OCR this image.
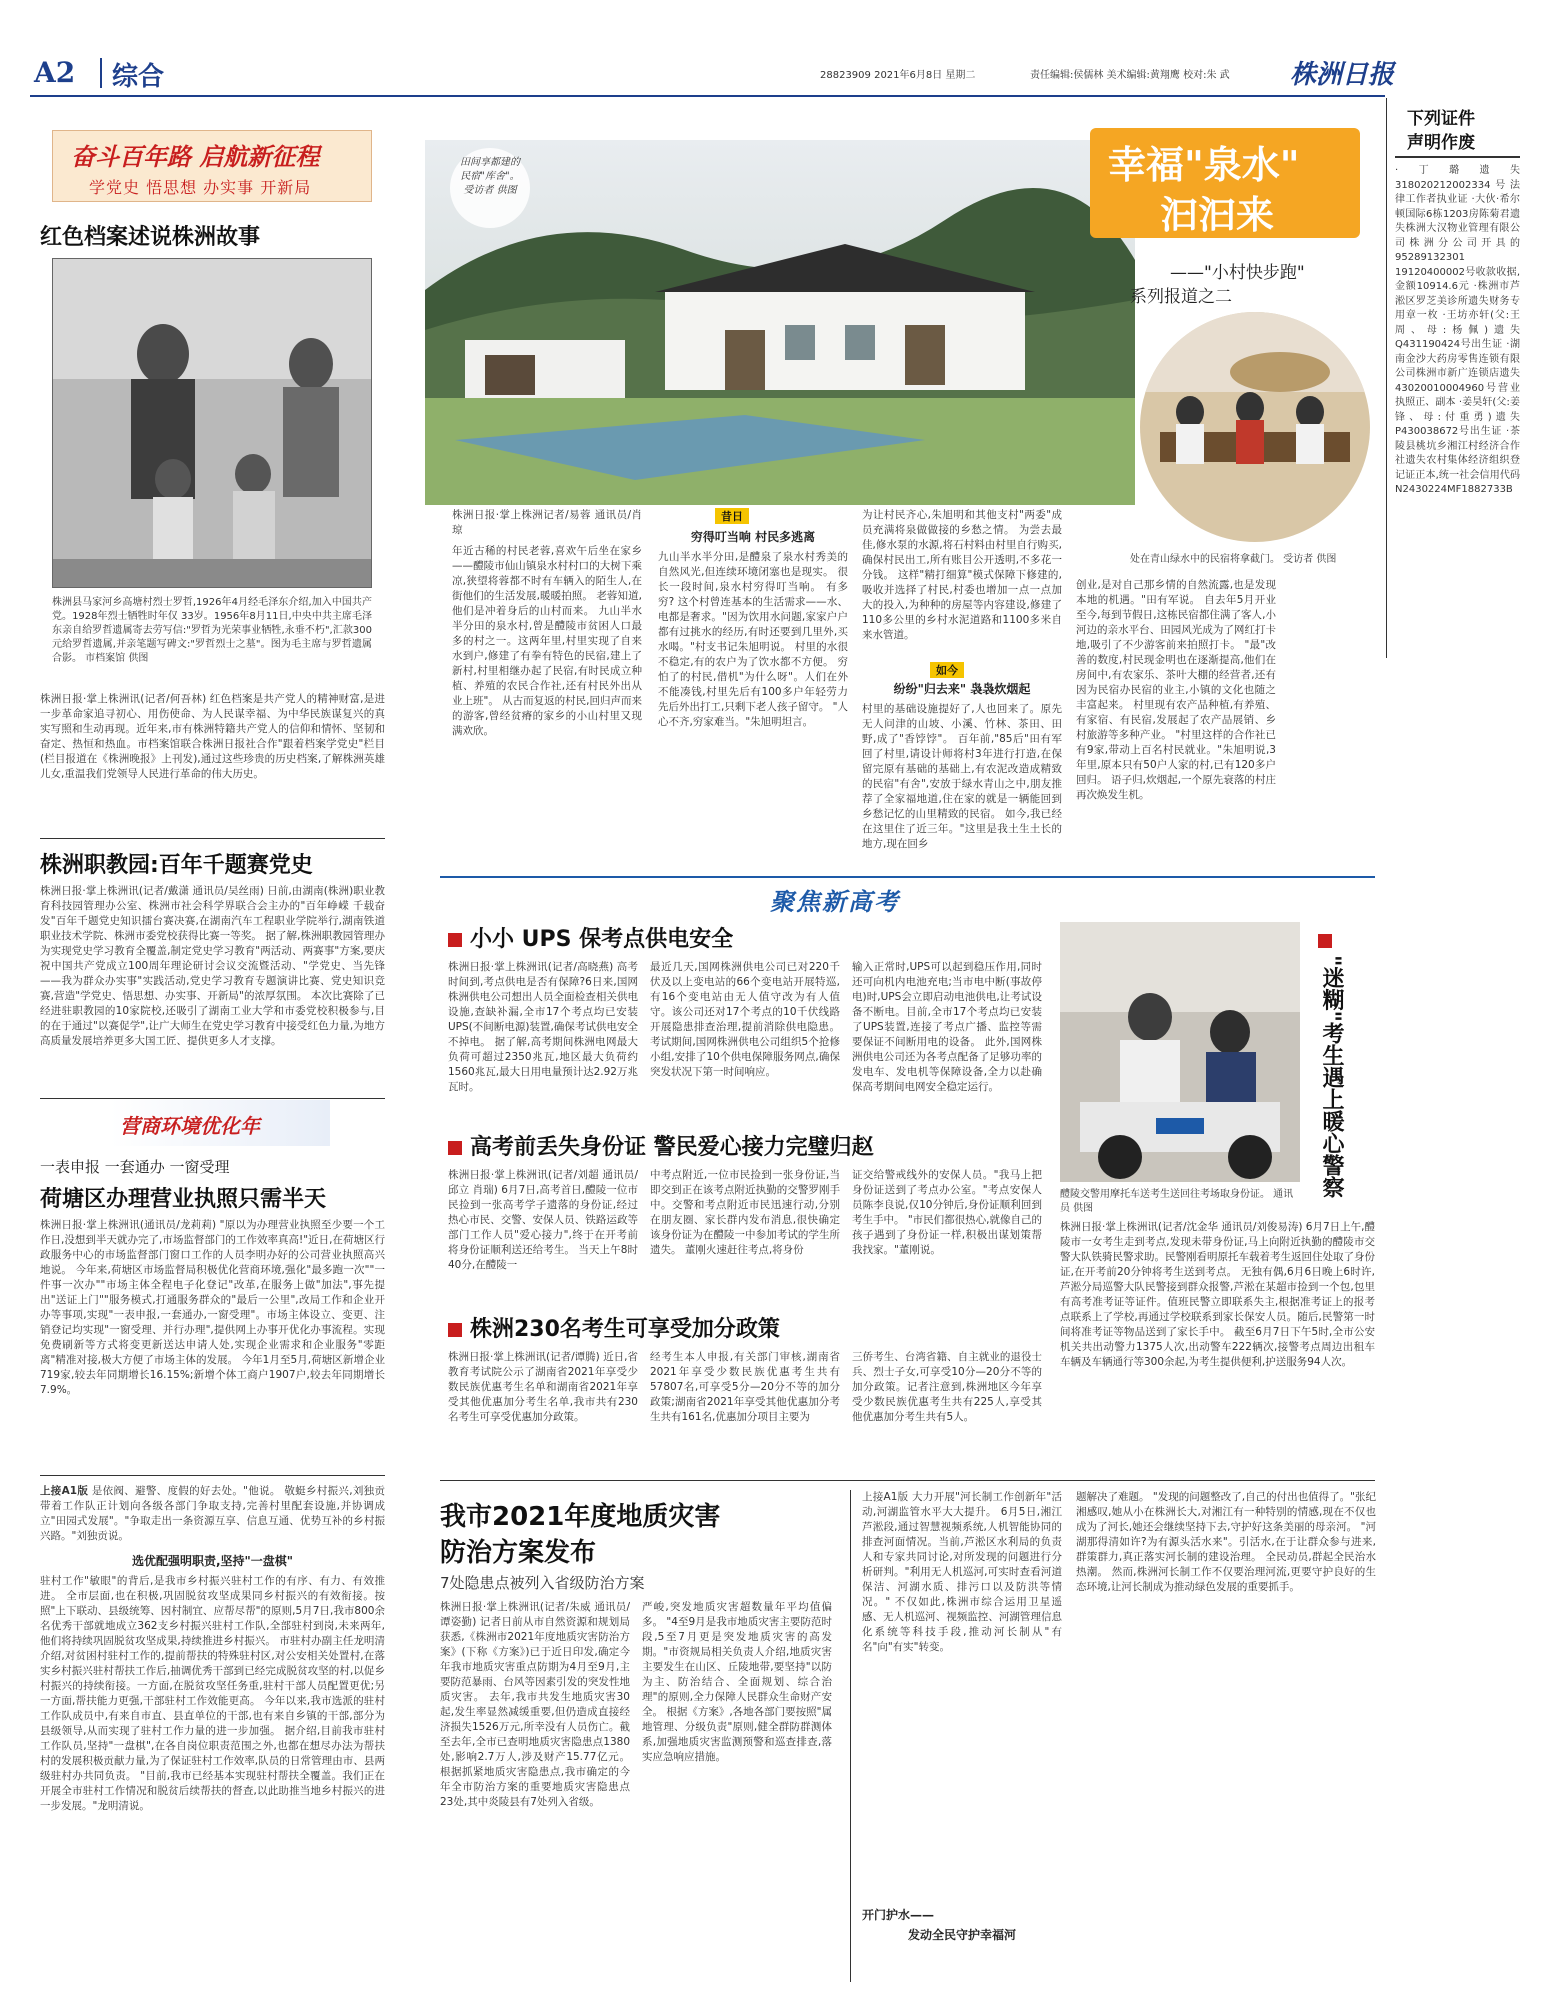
A2 综合	28823909 2021年6月8日 星期二	责任编辑:侯儒林 美术编辑:黄翔鹰 校对:朱 武 株洲日报
奋斗百年路 启航新征程
学党史 悟思想 办实事 开新局
红色档案述说株洲故事
株洲县马家河乡高塘村烈士罗哲,1926年4月经毛泽东介绍,加入中国共产党。1928年烈士牺牲时年仅 33岁。1956年8月11日,中央中共主席毛泽东亲自给罗哲遗属寄去劳写信:"罗哲为光荣事业牺牲,永垂不朽",汇款300元给罗哲遗属,并亲笔题写碑文:"罗哲烈士之墓"。图为毛主席与罗哲遗属合影。 市档案馆 供图
株洲日报·掌上株洲讯(记者/何吾林) 红色档案是共产党人的精神财富,是进一步革命家追寻初心、用伤使命、为人民谋幸福、为中华民族谋复兴的真实写照和生动再现。近年来,市有株洲特籍共产党人的信仰和情怀、坚韧和奋定、热恒和热血。市档案馆联合株洲日报社合作"跟着档案学党史"栏目(栏目报道在《株洲晚报》上刊发),通过这些珍贵的历史档案,了解株洲英雄儿女,重温我们党领导人民进行革命的伟大历史。
株洲职教园:百年千题赛党史
株洲日报·掌上株洲讯(记者/戴潇 通讯员/吴丝雨) 日前,由湖南(株洲)职业教育科技园管理办公室、株洲市社会科学界联合会主办的"百年峥嵘 千载奋发"百年千题党史知识擂台赛决赛,在湖南汽车工程职业学院举行,湖南铁道职业技术学院、株洲市委党校获得比赛一等奖。 据了解,株洲职教园管理办为实现党史学习教育全覆盖,制定党史学习教育"两活动、两赛事"方案,要庆祝中国共产党成立100周年理论研讨会议交流暨活动、"学党史、当先锋——我为群众办实事"实践活动,党史学习教育专题演讲比赛、党史知识竞赛,营造"学党史、悟思想、办实事、开新局"的浓厚氛围。 本次比赛除了已经进驻职教园的10家院校,还吸引了湖南工业大学和市委党校积极参与,目的在于通过"以赛促学",让广大师生在党史学习教育中接受红色力量,为地方高质量发展培养更多大国工匠、提供更多人才支撑。
营商环境优化年
一表申报 一套通办 一窗受理
荷塘区办理营业执照只需半天
株洲日报·掌上株洲讯(通讯员/龙莉莉) "原以为办理营业执照至少要一个工作日,没想到半天就办完了,市场监督部门的工作效率真高!"近日,在荷塘区行政服务中心的市场监督部门窗口工作的人员李明办好的公司营业执照高兴地说。 今年来,荷塘区市场监督局积极优化营商环境,强化"最多跑一次""一件事一次办""市场主体全程电子化登记"改革,在服务上做"加法",事先提出"送证上门""服务模式,打通服务群众的"最后一公里",改局工作和企业开办等事项,实现"一表申报,一套通办,一窗受理"。市场主体设立、变更、注销登记均实现"一窗受理、并行办理",提供网上办事开优化办事流程。实现免费刷新等方式将变更新送达申请人处,实现企业需求和企业服务"零距离"精准对接,极大方便了市场主体的发展。 今年1月至5月,荷塘区新增企业719家,较去年同期增长16.15%;新增个体工商户1907户,较去年同期增长7.9%。
上接A1版 是依阀、避警、度假的好去处。"他说。 敬蜓乡村振兴,刘独贡带着工作队正计划向各级各部门争取支持,完善村里配套设施,并协调成立"田园式发展"。"争取走出一条资源互享、信息互通、优势互补的乡村振兴路。"刘独贡说。
选优配强明职责,坚持"一盘棋"
驻村工作"敏眼"的背后,是我市乡村振兴驻村工作的有序、有力、有效推进。 全市层面,也在积极,巩固脱贫攻坚成果同乡村振兴的有效衔接。按照"上下联动、县级统筹、因村制宜、应帮尽帮"的原则,5月7日,我市800余名优秀干部就地成立362支乡村振兴驻村工作队,全部驻村到岗,未来两年,他们将持续巩固脱贫攻坚成果,持续推进乡村振兴。 市驻村办副主任龙明清介绍,对贫困村驻村工作的,提前帮扶的特殊驻村区,对公安相关处置村,在落实乡村振兴驻村帮扶工作后,抽调优秀干部到已经完成脱贫攻坚的村,以促乡村振兴的持续衔接。一方面,在脱贫攻坚任务重,驻村干部人员配置更优;另一方面,帮扶能力更强,干部驻村工作效能更高。 今年以来,我市选派的驻村工作队成员中,有来自市直、县直单位的干部,也有来自乡镇的干部,部分为县级领导,从而实现了驻村工作力量的进一步加强。 据介绍,目前我市驻村工作队员,坚持"一盘棋",在各自岗位职责范围之外,也都在想尽办法为帮扶村的发展积极贡献力量,为了保证驻村工作效率,队员的日常管理由市、县两级驻村办共同负责。 "目前,我市已经基本实现驻村帮扶全覆盖。我们正在开展全市驻村工作情况和脱贫后续帮扶的督查,以此助推当地乡村振兴的进一步发展。"龙明清说。
田间享都建的民宿"库舍"。 受访者 供图
幸福"泉水"
汩汩来
——"小村快步跑"
系列报道之二
处在青山绿水中的民宿将拿截门。 受访者 供图
株洲日报·掌上株洲记者/易蓉 通讯员/肖琼
年近古稀的村民老蓉,喜欢午后坐在家乡——醴陵市仙山镇泉水村村口的大树下乘凉,狭望将蓉都不时有车辆入的陌生人,在街他们的生活发展,暖暖拍照。 老蓉知道,他们是冲着身后的山村而来。 九山半水半分田的泉水村,曾是醴陵市贫困人口最多的村之一。这两年里,村里实现了自来水到户,修建了有拳有特色的民宿,建上了新村,村里相继办起了民宿,有时民成立种植、养殖的农民合作社,还有村民外出从业上班"。 从古而复返的村民,回归声而来的游客,曾经贫瘠的家乡的小山村里又现满欢欣。
昔日
穷得叮当响 村民多逃离
九山半水半分田,是醴泉了泉水村秀美的自然风光,但连续环境闭塞也是现实。 很长一段时间,泉水村穷得叮当响。 有多穷? 这个村曾连基本的生活需求——水、电都是奢求。"因为饮用水问题,家家户户都有过挑水的经历,有时还要到几里外,买水喝。"村支书记朱旭明说。 村里的水很不稳定,有的农户为了饮水都不方便。 穷怕了的村民,借机"为什么呀"。人们在外不能凑钱,村里先后有100多户年轻劳力先后外出打工,只剩下老人孩子留守。 "人心不齐,穷家难当。"朱旭明坦言。
为让村民齐心,朱旭明和其他支村"两委"成员充满将泉做做接的乡愁之情。 为尝去最佳,修水泵的水源,将石村料由村里自行购买,确保村民出工,所有账目公开透明,不多花一分钱。 这样"精打细算"模式保障下修建的,吸收并选择了村民,村委也增加一点一点加大的投入,为种种的房屋等内容建设,修建了110多公里的乡村水泥道路和1100多米自来水管道。
如今
纷纷"归去来" 袅袅炊烟起
村里的基础设施提好了,人也回来了。原先无人问津的山坡、小溪、竹林、茶田、田野,成了"香饽饽"。 百年前,"85后"田有军回了村里,请设计师将村3年进行打造,在保留完原有基础的基础上,有农泥改造成精致的民宿"有舍",安放于绿水青山之中,朋友推荐了全家福地道,住在家的就是一辆能回到乡愁记忆的山里精致的民宿。 如今,我已经在这里住了近三年。"这里是我土生土长的地方,现在回乡
创业,是对自己那乡情的自然流露,也是发现本地的机遇。"田有军说。 自去年5月开业至今,每到节假日,这栋民宿都住满了客人,小河边的亲水平台、田园风光成为了网红打卡地,吸引了不少游客前来拍照打卡。 "最"改善的数度,村民现金明也在逐渐提高,他们在房间中,有农家乐、茶叶大棚的经营者,还有因为民宿办民宿的业主,小镇的文化也随之丰富起来。 村里现有农产品种植,有养殖、有家宿、有民宿,发展起了农产品展销、乡村旅游等多种产业。 "村里这样的合作社已有9家,带动上百名村民就业。"朱旭明说,3年里,原本只有50户人家的村,已有120多户回归。 语子归,炊烟起,一个原先衰落的村庄再次焕发生机。
聚焦新高考
小小 UPS 保考点供电安全
株洲日报·掌上株洲讯(记者/高晓燕) 高考时间到,考点供电是否有保障?6日来,国网株洲供电公司想出人员全面检查相关供电设施,查缺补漏,全市17个考点均已安装UPS(不间断电源)装置,确保考试供电安全不掉电。 据了解,高考期间株洲电网最大负荷可超过2350兆瓦,地区最大负荷约1560兆瓦,最大日用电量预计达2.92万兆瓦时。
最近几天,国网株洲供电公司已对220千伏及以上变电站的66个变电站开展特巡,有16个变电站由无人值守改为有人值守。该公司还对17个考点的10千伏线路开展隐患排查治理,提前消除供电隐患。 考试期间,国网株洲供电公司组织5个抢修小组,安排了10个供电保障服务网点,确保突发状况下第一时间响应。
输入正常时,UPS可以起到稳压作用,同时还可向机内电池充电;当市电中断(事故停电)时,UPS会立即启动电池供电,让考试设备不断电。目前,全市17个考点均已安装了UPS装置,连接了考点广播、监控等需要保证不间断用电的设备。 此外,国网株洲供电公司还为各考点配备了足够功率的发电车、发电机等保障设备,全力以赴确保高考期间电网安全稳定运行。
高考前丢失身份证 警民爱心接力完璧归赵
株洲日报·掌上株洲讯(记者/刘超 通讯员/邱立 肖瑞) 6月7日,高考首日,醴陵一位市民捡到一张高考学子遗落的身份证,经过热心市民、交警、安保人员、铁路运政等部门工作人员"爱心接力",终于在开考前将身份证顺利送还给考生。 当天上午8时40分,在醴陵一
中考点附近,一位市民捡到一张身份证,当即交到正在该考点附近执勤的交警罗刚手中。交警和考点附近市民迅速行动,分别在朋友圈、家长群内发布消息,很快确定该身份证为在醴陵一中参加考试的学生所遗失。 董刚火速赶往考点,将身份
证交给警戒线外的安保人员。"我马上把身份证送到了考点办公室。"考点安保人员陈李良说,仅10分钟后,身份证顺利回到考生手中。 "市民们都很热心,就像自己的孩子遇到了身份证一样,积极出谋划策帮我找家。"董刚说。
株洲230名考生可享受加分政策
株洲日报·掌上株洲讯(记者/谭腾) 近日,省教育考试院公示了湖南省2021年享受少数民族优惠考生名单和湖南省2021年享受其他优惠加分考生名单,我市共有230名考生可享受优惠加分政策。
经考生本人申报,有关部门审核,湖南省2021年享受少数民族优惠考生共有57807名,可享受5分—20分不等的加分政策;湖南省2021年享受其他优惠加分考生共有161名,优惠加分项目主要为
三侨考生、台湾省籍、自主就业的退役士兵、烈士子女,可享受10分—20分不等的加分政策。记者注意到,株洲地区今年享受少数民族优惠考生共有225人,享受其他优惠加分考生共有5人。
"迷糊"考生遇上暖心警察
醴陵交警用摩托车送考生送回往考场取身份证。 通讯员 供图
株洲日报·掌上株洲讯(记者/沈金华 通讯员/刘俊易涛) 6月7日上午,醴陵市一女考生走到考点,发现未带身份证,马上向附近执勤的醴陵市交警大队铁骑民警求助。民警刚看明原托车载着考生返回住处取了身份证,在开考前20分钟将考生送到考点。 无独有偶,6月6日晚上6时许,芦淞分局巡警大队民警接到群众报警,芦淞在某超市捡到一个包,包里有高考准考证等证件。值班民警立即联系失主,根据准考证上的报考点联系上了学校,再通过学校联系到家长保安人员。随后,民警第一时间将准考证等物品送到了家长手中。 截至6月7日下午5时,全市公安机关共出动警力1375人次,出动警车222辆次,接警考点周边出租车车辆及车辆通行等300余起,为考生提供便利,护送服务94人次。
我市2021年度地质灾害
防治方案发布
7处隐患点被列入省级防治方案
株洲日报·掌上株洲讯(记者/朱威 通讯员/谭姿勤) 记者日前从市自然资源和规划局获悉,《株洲市2021年度地质灾害防治方案》(下称《方案》)已于近日印发,确定今年我市地质灾害重点防期为4月至9月,主要防范暴雨、台风等因素引发的突发性地质灾害。 去年,我市共发生地质灾害30起,发生率显然减缓重要,但仍造成直接经济损失1526万元,所幸没有人员伤亡。截至去年,全市已查明地质灾害隐患点1380处,影响2.7万人,涉及财产15.77亿元。 根据抓紧地质灾害隐患点,我市确定的今年全市防治方案的重要地质灾害隐患点23处,其中炎陵县有7处列入省级。
严峻,突发地质灾害超数量年平均值偏多。 "4至9月是我市地质灾害主要防范时段,5至7月更是突发地质灾害的高发期。"市资规局相关负责人介绍,地质灾害主要发生在山区、丘陵地带,要坚持"以防为主、防治结合、全面规划、综合治理"的原则,全力保障人民群众生命财产安全。 根据《方案》,各地各部门要按照"属地管理、分级负责"原则,健全群防群测体系,加强地质灾害监测预警和巡查排查,落实应急响应措施。
上接A1版 大力开展"河长制工作创新年"活动,河湖监管水平大大提升。 6月5日,湘江芦淞段,通过智慧视频系统,人机智能协同的排查河面情况。当前,芦淞区水利局的负责人和专家共同讨论,对所发现的问题进行分析研判。"利用无人机巡河,可实时查看河道保洁、河湖水质、排污口以及防洪等情况。" 不仅如此,株洲市综合运用卫星遥感、无人机巡河、视频监控、河湖管理信息化系统等科技手段,推动河长制从"有名"向"有实"转变。
开门护水——
发动全民守护幸福河
题解决了难题。 "发现的问题整改了,自己的付出也值得了。"张纪湘感叹,她从小在株洲长大,对湘江有一种特别的情感,现在不仅也成为了河长,她还会继续坚持下去,守护好这条美丽的母亲河。 "河湖那得清如许?为有源头活水来"。引活水,在于让群众参与进来,群策群力,真正落实河长制的建设治理。 全民动员,群起全民治水热潮。 然而,株洲河长制工作不仅要治理河流,更要守护良好的生态环境,让河长制成为推动绿色发展的重要抓手。
下列证件
声明作废
·丁璐遗失318020212002334号法律工作者执业证 ·大伙·希尔顿国际6栋1203房陈菊君遗失株洲大汉物业管理有限公司株洲分公司开具的95289132301 19120400002号收款收据,金额10914.6元 ·株洲市芦淞区罗芝美诊所遗失财务专用章一枚 ·王坊亦轩(父:王周、母:杨佩)遗失Q431190424号出生证 ·湖南金沙大药房零售连锁有限公司株洲市新广连锁店遗失43020010004960号营业执照正、副本 ·姜昊轩(父:姜锋、母:付重勇)遗失P430038672号出生证 ·茶陵县桃坑乡湘江村经济合作社遗失农村集体经济组织登记证正本,统一社会信用代码N2430224MF1882733B
